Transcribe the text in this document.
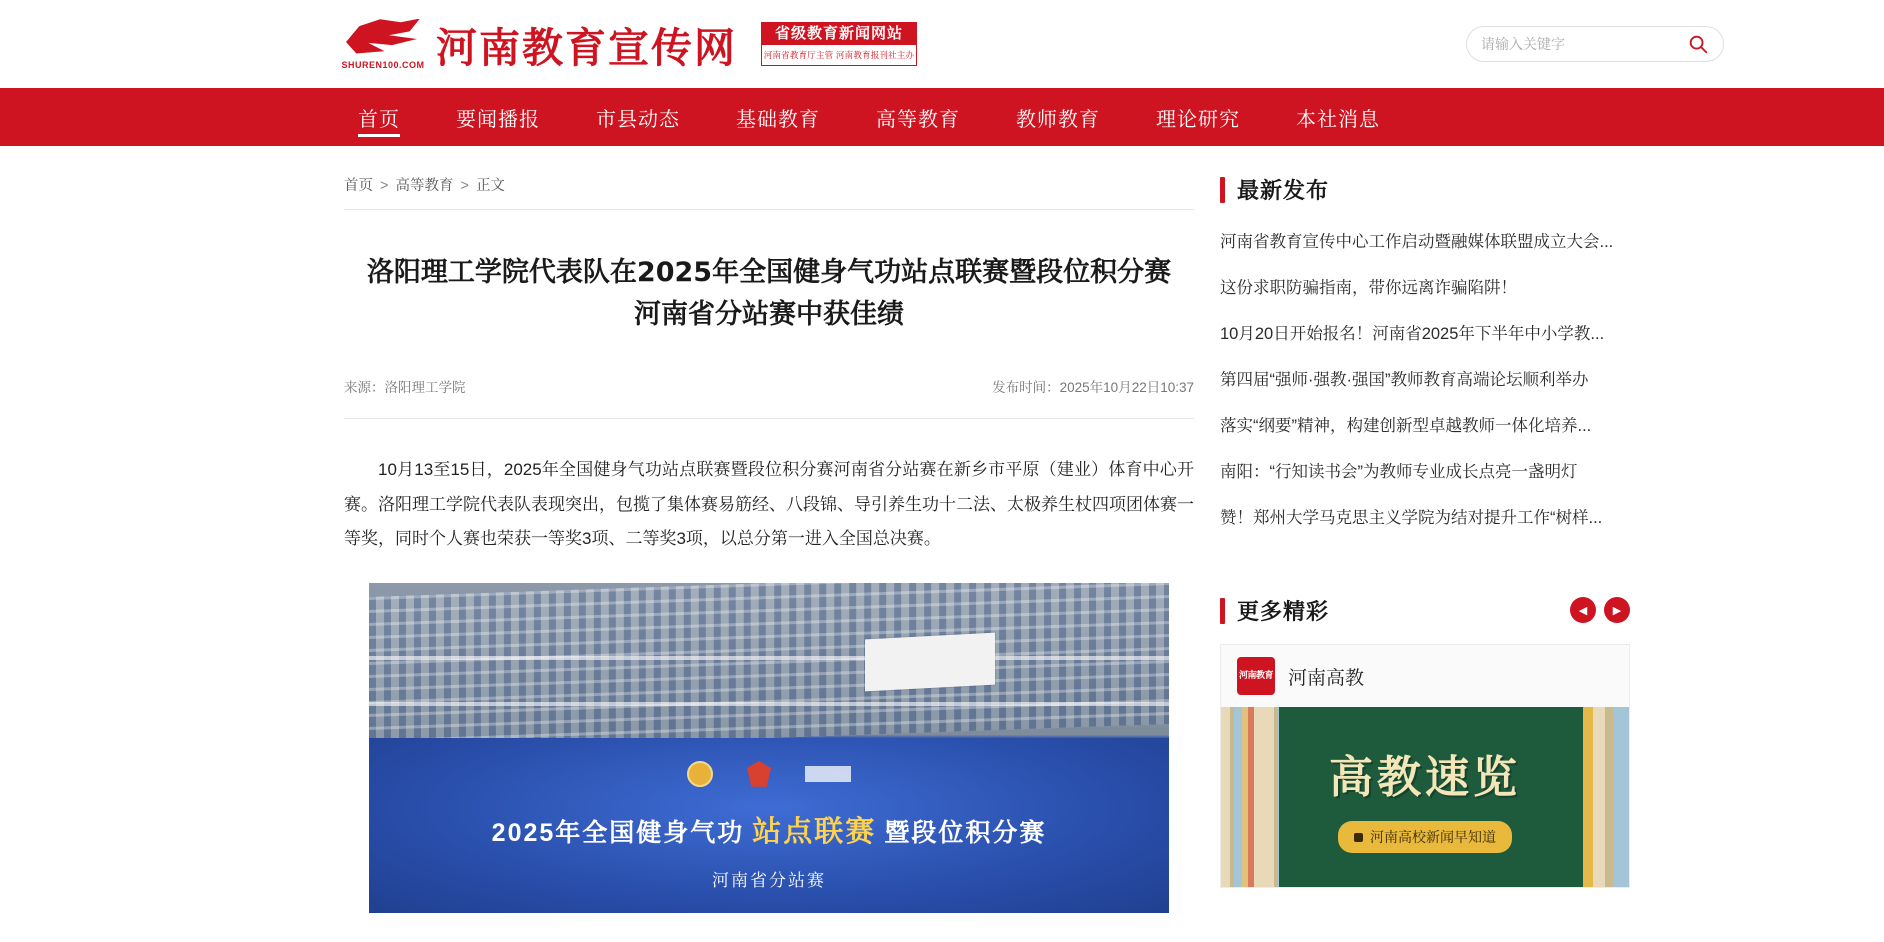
SHUREN100.COM 河南教育宣传网	省级教育新闻网站
河南省教育厅主管 河南教育报刊社主办
请输入关键字
首页	要闻播报	市县动态	基础教育	高等教育	教师教育	理论研究	本社消息
首页 > 高等教育 > 正文
洛阳理工学院代表队在2025年全国健身气功站点联赛暨段位积分赛河南省分站赛中获佳绩
来源：洛阳理工学院	发布时间：2025年10月22日10:37

10月13至15日，2025年全国健身气功站点联赛暨段位积分赛河南省分站赛在新乡市平原（建业）体育中心开赛。洛阳理工学院代表队表现突出，包揽了集体赛易筋经、八段锦、导引养生功十二法、太极养生杖四项团体赛一等奖，同时个人赛也荣获一等奖3项、二等奖3项，以总分第一进入全国总决赛。

2025年全国健身气功 站点联赛 暨段位积分赛
河南省分站赛
最新发布
河南省教育宣传中心工作启动暨融媒体联盟成立大会...
这份求职防骗指南，带你远离诈骗陷阱！
10月20日开始报名！河南省2025年下半年中小学教...
第四届“强师·强教·强国”教师教育高端论坛顺利举办
落实“纲要”精神，构建创新型卓越教师一体化培养...
南阳：“行知读书会”为教师专业成长点亮一盏明灯
赞！郑州大学马克思主义学院为结对提升工作“树样...
更多精彩	◀	▶
河南教育 河南高教
高教速览
河南高校新闻早知道
